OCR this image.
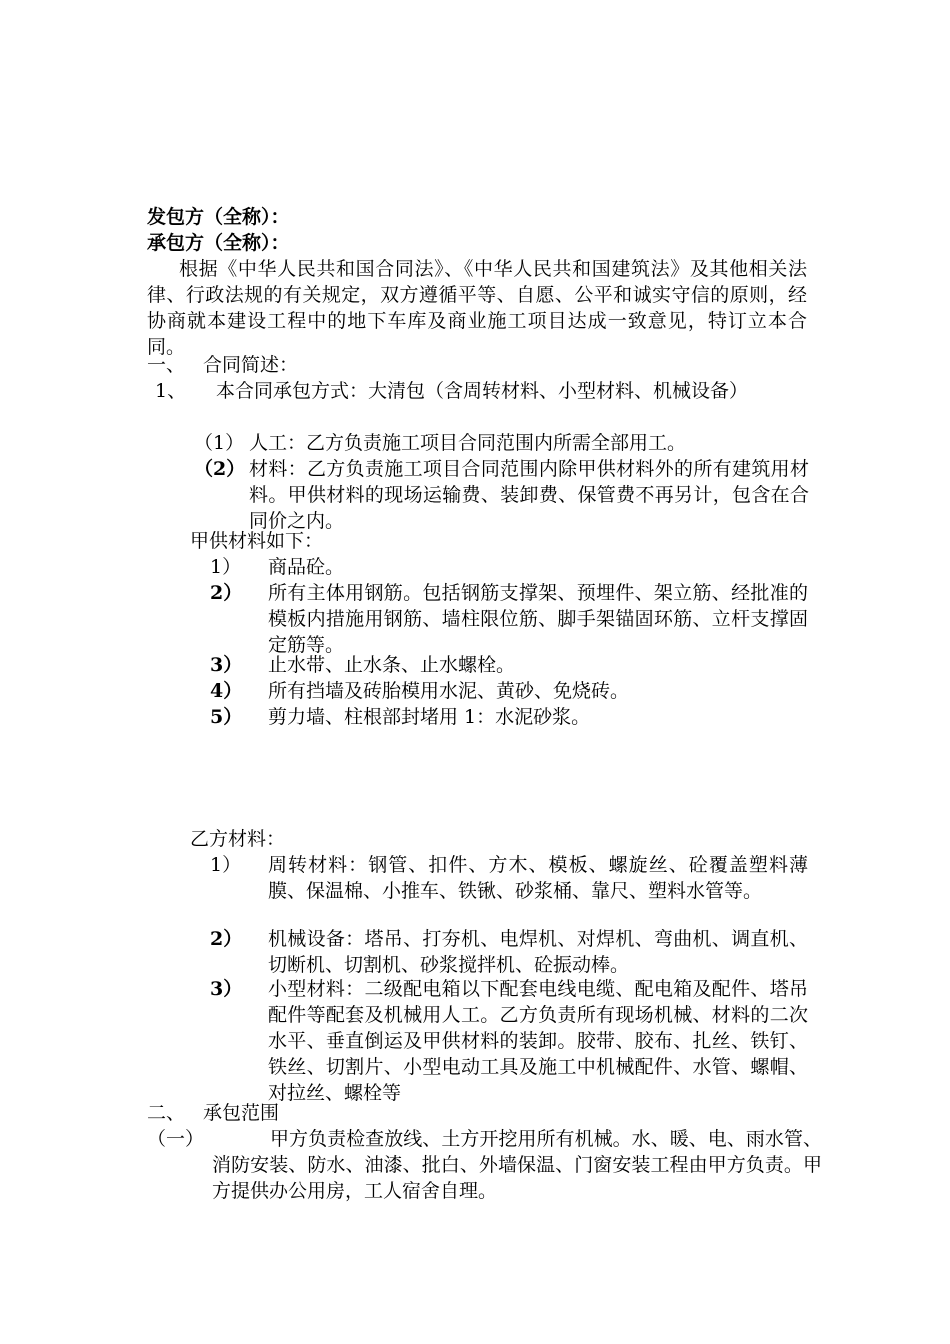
发包方（全称）：
承包方（全称）：
根据《中华人民共和国合同法》、《中华人民共和国建筑法》及其他相关法律、行政法规的有关规定，双方遵循平等、自愿、公平和诚实守信的原则，经协商就本建设工程中的地下车库及商业施工项目达成一致意见，特订立本合同。
一、 合同简述：
1、 本合同承包方式：大清包（含周转材料、小型材料、机械设备）
（1） 人工：乙方负责施工项目合同范围内所需全部用工。
（2） 材料：乙方负责施工项目合同范围内除甲供材料外的所有建筑用材料。甲供材料的现场运输费、装卸费、保管费不再另计，包含在合同价之内。
甲供材料如下：
1） 商品砼。
2） 所有主体用钢筋。包括钢筋支撑架、预埋件、架立筋、经批准的模板内措施用钢筋、墙柱限位筋、脚手架锚固环筋、立杆支撑固定筋等。
3） 止水带、止水条、止水螺栓。
4） 所有挡墙及砖胎模用水泥、黄砂、免烧砖。
5） 剪力墙、柱根部封堵用 1：水泥砂浆。
乙方材料：
1） 周转材料：钢管、扣件、方木、模板、螺旋丝、砼覆盖塑料薄膜、保温棉、小推车、铁锹、砂浆桶、靠尺、塑料水管等。
2） 机械设备：塔吊、打夯机、电焊机、对焊机、弯曲机、调直机、切断机、切割机、砂浆搅拌机、砼振动棒。
3） 小型材料：二级配电箱以下配套电线电缆、配电箱及配件、塔吊配件等配套及机械用人工。乙方负责所有现场机械、材料的二次水平、垂直倒运及甲供材料的装卸。胶带、胶布、扎丝、铁钉、铁丝、切割片、小型电动工具及施工中机械配件、水管、螺帽、对拉丝、螺栓等
二、 承包范围
（一）	甲方负责检查放线、土方开挖用所有机械。水、暖、电、雨水管、消防安装、防水、油漆、批白、外墙保温、门窗安装工程由甲方负责。甲方提供办公用房，工人宿舍自理。
